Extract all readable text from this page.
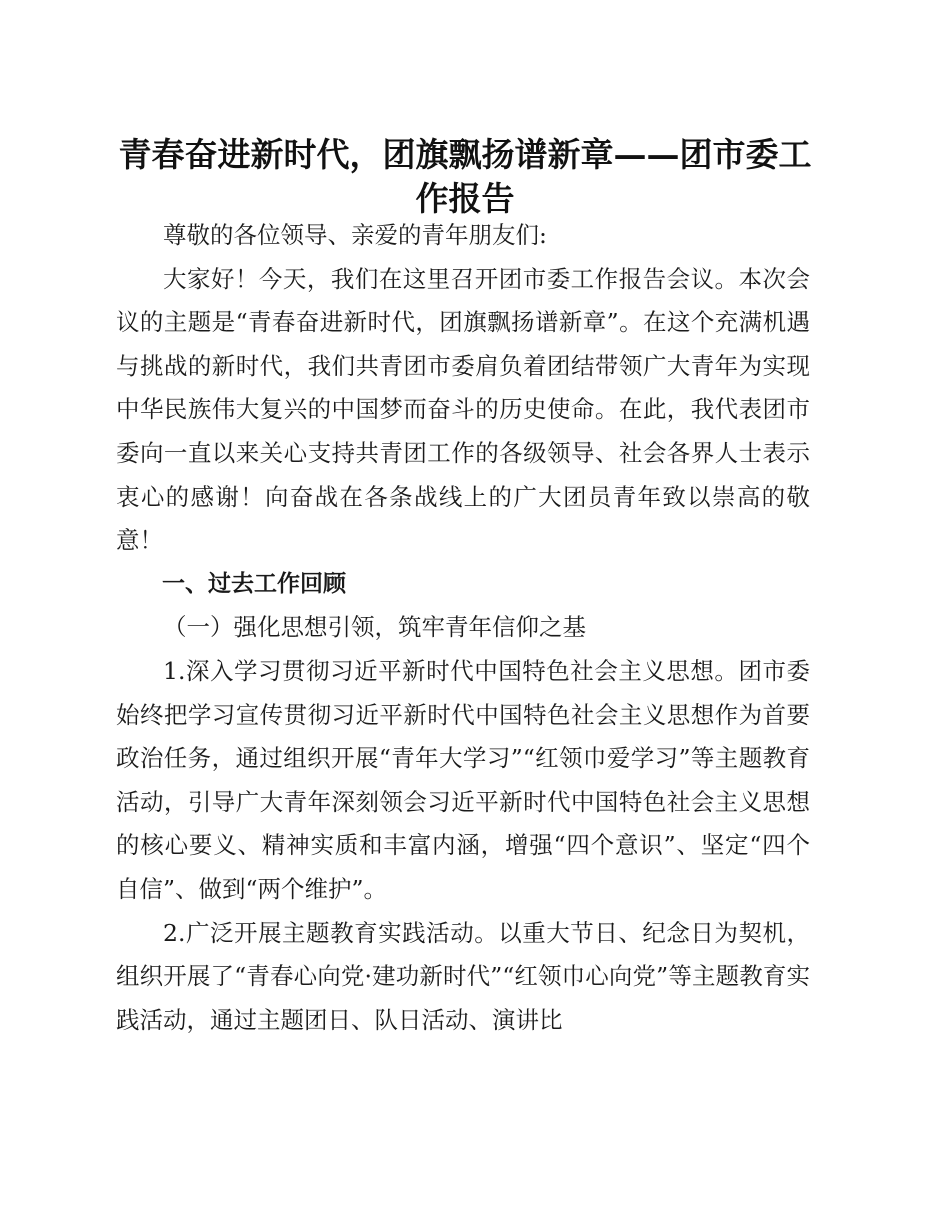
青春奋进新时代，团旗飘扬谱新章——团市委工作报告

尊敬的各位领导、亲爱的青年朋友们:

大家好！今天，我们在这里召开团市委工作报告会议。本次会议的主题是“青春奋进新时代，团旗飘扬谱新章”。在这个充满机遇与挑战的新时代，我们共青团市委肩负着团结带领广大青年为实现中华民族伟大复兴的中国梦而奋斗的历史使命。在此，我代表团市委向一直以来关心支持共青团工作的各级领导、社会各界人士表示衷心的感谢！向奋战在各条战线上的广大团员青年致以崇高的敬意！

一、过去工作回顾

（一）强化思想引领，筑牢青年信仰之基

1.深入学习贯彻习近平新时代中国特色社会主义思想。团市委始终把学习宣传贯彻习近平新时代中国特色社会主义思想作为首要政治任务，通过组织开展“青年大学习”“红领巾爱学习”等主题教育活动，引导广大青年深刻领会习近平新时代中国特色社会主义思想的核心要义、精神实质和丰富内涵，增强“四个意识”、坚定“四个自信”、做到“两个维护”。

2.广泛开展主题教育实践活动。以重大节日、纪念日为契机，组织开展了“青春心向党·建功新时代”“红领巾心向党”等主题教育实践活动，通过主题团日、队日活动、演讲比
